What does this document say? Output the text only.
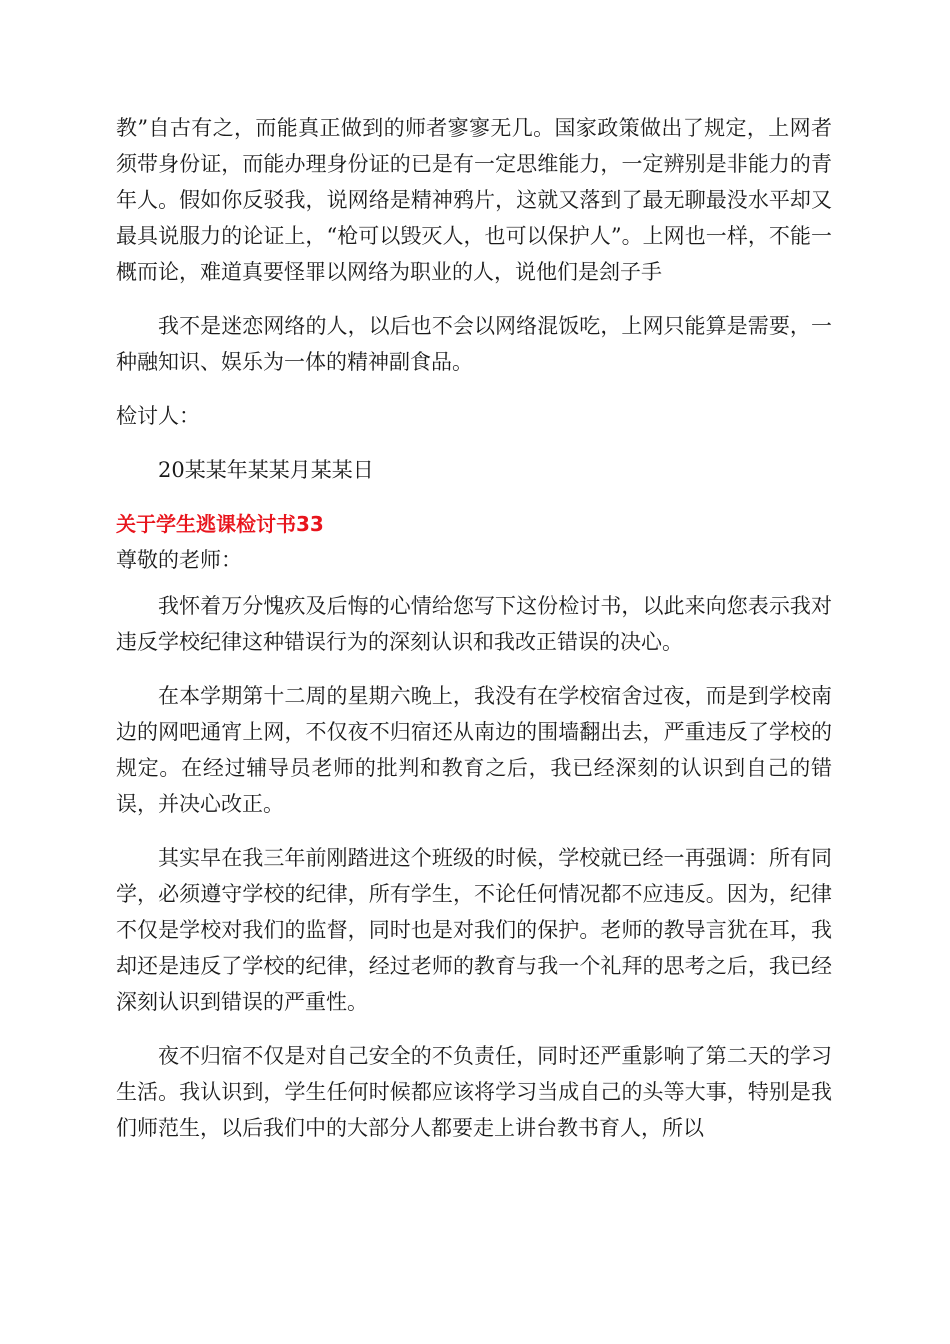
教”自古有之，而能真正做到的师者寥寥无几。国家政策做出了规定，上网者须带身份证，而能办理身份证的已是有一定思维能力，一定辨别是非能力的青年人。假如你反驳我，说网络是精神鸦片，这就又落到了最无聊最没水平却又最具说服力的论证上，“枪可以毁灭人，也可以保护人”。上网也一样，不能一概而论，难道真要怪罪以网络为职业的人，说他们是刽子手

我不是迷恋网络的人，以后也不会以网络混饭吃，上网只能算是需要，一种融知识、娱乐为一体的精神副食品。

检讨人：

20某某年某某月某某日

关于学生逃课检讨书33

尊敬的老师：

我怀着万分愧疚及后悔的心情给您写下这份检讨书，以此来向您表示我对违反学校纪律这种错误行为的深刻认识和我改正错误的决心。

在本学期第十二周的星期六晚上，我没有在学校宿舍过夜，而是到学校南边的网吧通宵上网，不仅夜不归宿还从南边的围墙翻出去，严重违反了学校的规定。在经过辅导员老师的批判和教育之后，我已经深刻的认识到自己的错误，并决心改正。

其实早在我三年前刚踏进这个班级的时候，学校就已经一再强调：所有同学，必须遵守学校的纪律，所有学生，不论任何情况都不应违反。因为，纪律不仅是学校对我们的监督，同时也是对我们的保护。老师的教导言犹在耳，我却还是违反了学校的纪律，经过老师的教育与我一个礼拜的思考之后，我已经深刻认识到错误的严重性。

夜不归宿不仅是对自己安全的不负责任，同时还严重影响了第二天的学习生活。我认识到，学生任何时候都应该将学习当成自己的头等大事，特别是我们师范生，以后我们中的大部分人都要走上讲台教书育人，所以
